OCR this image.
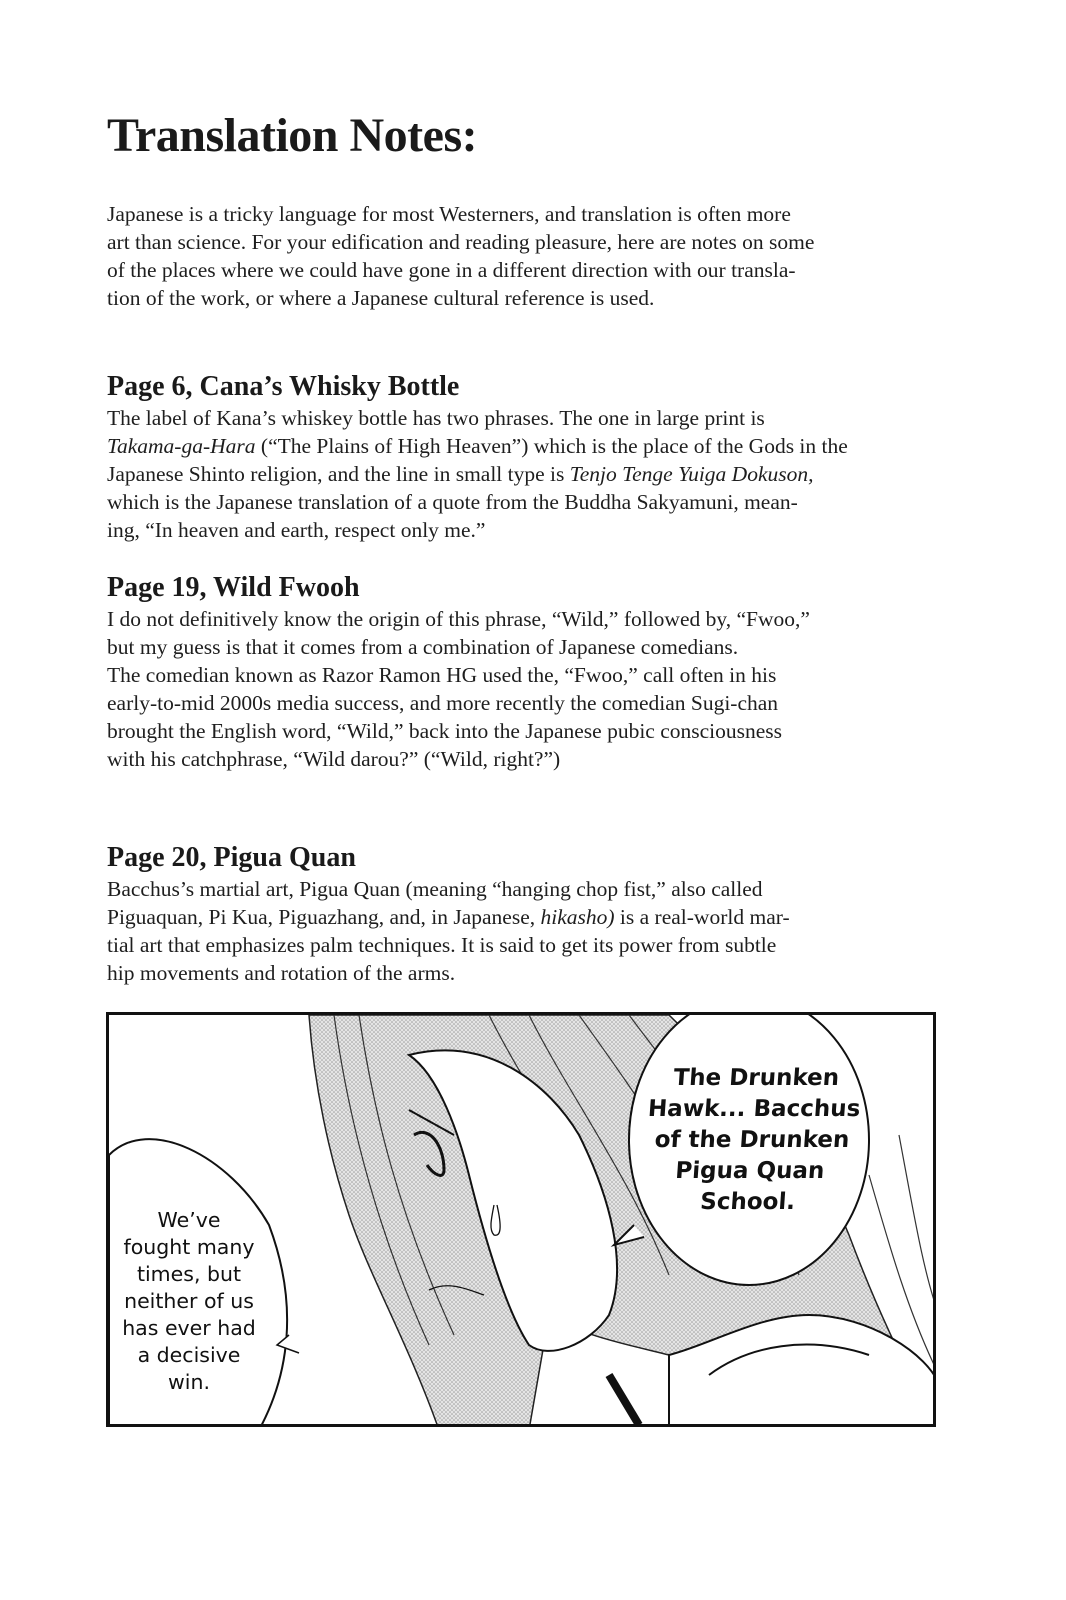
Translation Notes:

Japanese is a tricky language for most Westerners, and translation is often more
art than science. For your edification and reading pleasure, here are notes on some
of the places where we could have gone in a different direction with our transla-
tion of the work, or where a Japanese cultural reference is used.

Page 6, Cana’s Whisky Bottle

The label of Kana’s whiskey bottle has two phrases. The one in large print is
Takama-ga-Hara (“The Plains of High Heaven”) which is the place of the Gods in the
Japanese Shinto religion, and the line in small type is Tenjo Tenge Yuiga Dokuson,
which is the Japanese translation of a quote from the Buddha Sakyamuni, mean-
ing, “In heaven and earth, respect only me.”

Page 19, Wild Fwooh

I do not definitively know the origin of this phrase, “Wild,” followed by, “Fwoo,”
but my guess is that it comes from a combination of Japanese comedians.
The comedian known as Razor Ramon HG used the, “Fwoo,” call often in his
early-to-mid 2000s media success, and more recently the comedian Sugi-chan
brought the English word, “Wild,” back into the Japanese pubic consciousness
with his catchphrase, “Wild darou?” (“Wild, right?”)

Page 20, Pigua Quan

Bacchus’s martial art, Pigua Quan (meaning “hanging chop fist,” also called
Piguaquan, Pi Kua, Piguazhang, and, in Japanese, hikasho) is a real-world mar-
tial art that emphasizes palm techniques. It is said to get its power from subtle
hip movements and rotation of the arms.

The Drunken
Hawk... Bacchus
of the Drunken
Pigua Quan
School.
We’ve
fought many
times, but
neither of us
has ever had
a decisive
win.
